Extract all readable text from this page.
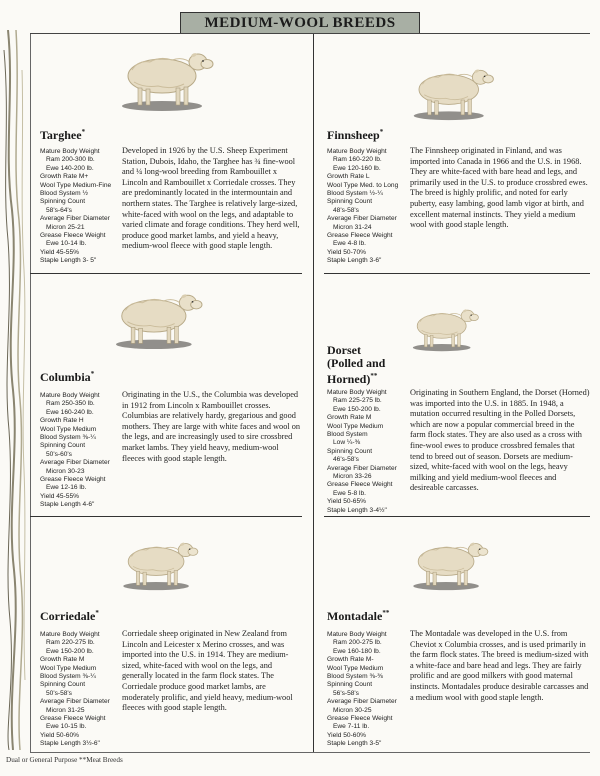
MEDIUM-WOOL BREEDS
Targhee*
Mature Body Weight
Ram 200-300 lb.
Ewe 140-200 lb.
Growth Rate M+
Wool Type Medium-Fine
Blood System ½
Spinning Count
58's-64's
Average Fiber Diameter
Micron 25-21
Grease Fleece Weight
Ewe 10-14 lb.
Yield 45-55%
Staple Length 3- 5"
Developed in 1926 by the U.S. Sheep Experiment Station, Dubois, Idaho, the Targhee has ¾ fine-wool and ¼ long-wool breeding from Rambouillet x Lincoln and Rambouillet x Corriedale crosses. They are predominantly located in the intermountain and northern states. The Targhee is relatively large-sized, white-faced with wool on the legs, and adaptable to varied climate and forage conditions. They herd well, produce good market lambs, and yield a heavy, medium-wool fleece with good staple length.
Finnsheep*
Mature Body Weight
Ram 160-220 lb.
Ewe 120-160 lb.
Growth Rate L
Wool Type Med. to Long
Blood System ½-¼
Spinning Count
48's-58's
Average Fiber Diameter
Micron 31-24
Grease Fleece Weight
Ewe 4-8 lb.
Yield 50-70%
Staple Length 3-6"
The Finnsheep originated in Finland, and was imported into Canada in 1966 and the U.S. in 1968. They are white-faced with bare head and legs, and primarily used in the U.S. to produce crossbred ewes. The breed is highly prolific, and noted for early puberty, easy lambing, good lamb vigor at birth, and excellent maternal instincts. They yield a medium wool with good staple length.
Columbia*
Mature Body Weight
Ram 250-350 lb.
Ewe 160-240 lb.
Growth Rate H
Wool Type Medium
Blood System ⅜-¼
Spinning Count
50's-60's
Average Fiber Diameter
Micron 30-23
Grease Fleece Weight
Ewe 12-16 lb.
Yield 45-55%
Staple Length 4-6"
Originating in the U.S., the Columbia was developed in 1912 from Lincoln x Rambouillet crosses. Columbias are relatively hardy, gregarious and good mothers. They are large with white faces and wool on the legs, and are increasingly used to sire crossbred market lambs. They yield heavy, medium-wool fleeces with good staple length.
Dorset
(Polled and
Horned)**
Mature Body Weight
Ram 225-275 lb.
Ewe 150-200 lb.
Growth Rate M
Wool Type Medium
Blood System
Low ¼-⅜
Spinning Count
46's-58's
Average Fiber Diameter
Micron 33-26
Grease Fleece Weight
Ewe 5-8 lb.
Yield 50-65%
Staple Length 3-4½"
Originating in Southern England, the Dorset (Horned) was imported into the U.S. in 1885. In 1948, a mutation occurred resulting in the Polled Dorsets, which are now a popular commercial breed in the farm flock states. They are also used as a cross with fine-wool ewes to produce crossbred females that tend to breed out of season. Dorsets are medium-sized, white-faced with wool on the legs, heavy milking and yield medium-wool fleeces and desireable carcasses.
Corriedale*
Mature Body Weight
Ram 220-275 lb.
Ewe 150-200 lb.
Growth Rate M
Wool Type Medium
Blood System ⅜-¼
Spinning Count
50's-58's
Average Fiber Diameter
Micron 31-25
Grease Fleece Weight
Ewe 10-15 lb.
Yield 50-60%
Staple Length 3½-6"
Corriedale sheep originated in New Zealand from Lincoln and Leicester x Merino crosses, and was imported into the U.S. in 1914. They are medium-sized, white-faced with wool on the legs, and generally located in the farm flock states. The Corriedale produce good market lambs, are moderately prolific, and yield heavy, medium-wool fleeces with good staple length.
Montadale**
Mature Body Weight
Ram 200-275 lb.
Ewe 160-180 lb.
Growth Rate M-
Wool Type Medium
Blood System ⅜-⅜
Spinning Count
56's-58's
Average Fiber Diameter
Micron 30-25
Grease Fleece Weight
Ewe 7-11 lb.
Yield 50-60%
Staple Length 3-5"
The Montadale was developed in the U.S. from Cheviot x Columbia crosses, and is used primarily in the farm flock states. The breed is medium-sized with a white-face and bare head and legs. They are fairly prolific and are good milkers with good maternal instincts. Montadales produce desirable carcasses and a medium wool with good staple length.
Dual or General Purpose **Meat Breeds
